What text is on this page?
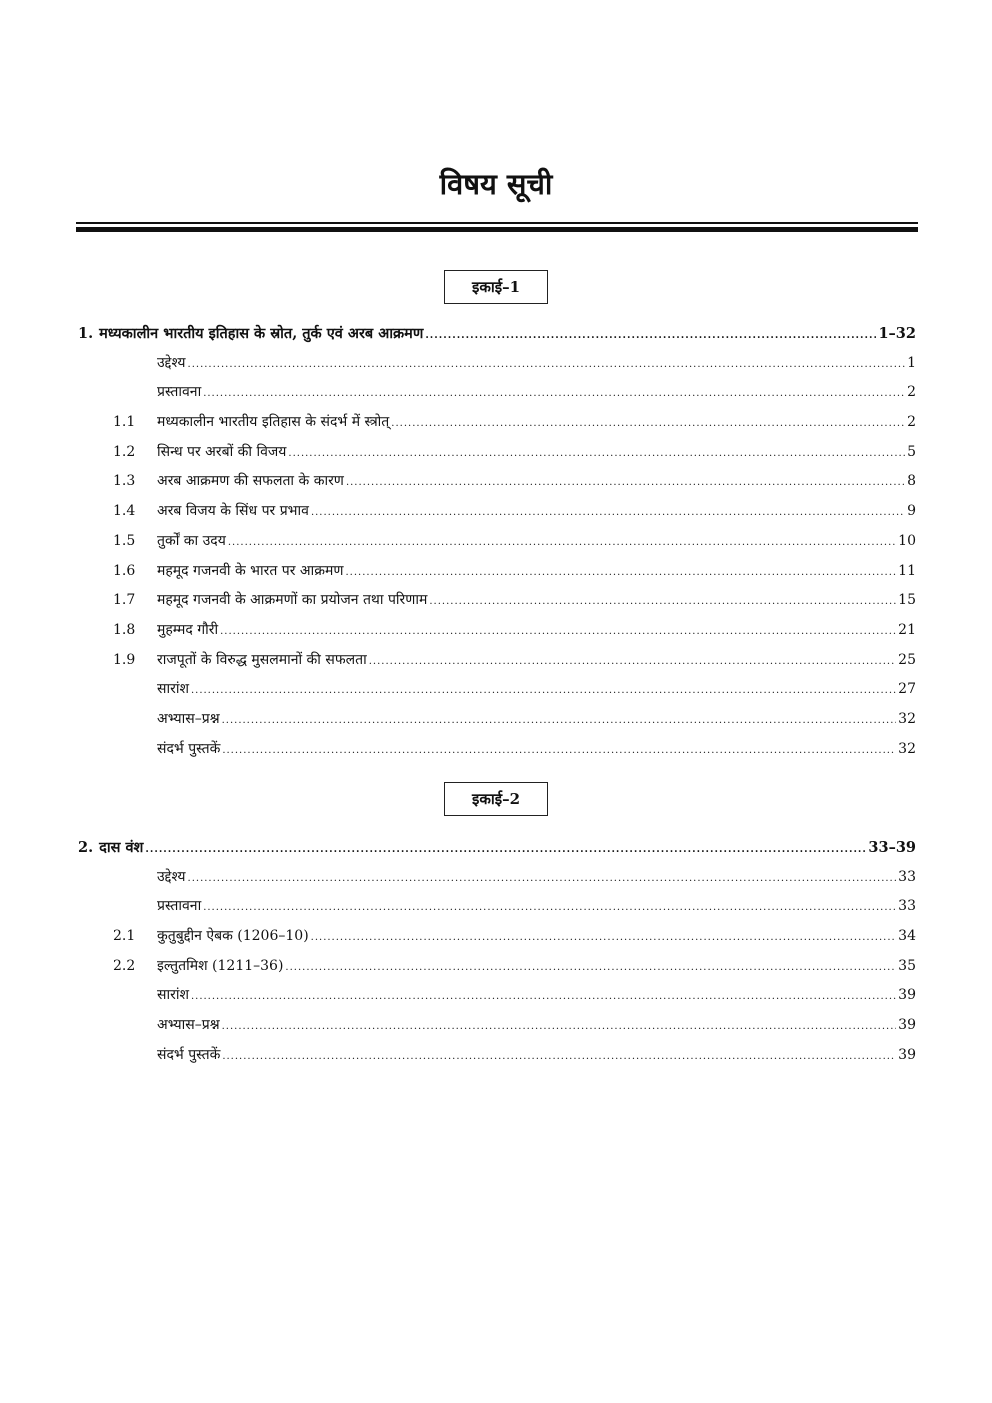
विषय सूची
इकाई–1
1. मध्यकालीन भारतीय इतिहास के स्रोत, तुर्क एवं अरब आक्रमण .....	1–32
उद्देश्य .....	1
प्रस्तावना .....	2
1.1	मध्यकालीन भारतीय इतिहास के संदर्भ में स्त्रोत् .....	2
1.2	सिन्ध पर अरबों की विजय .....	5
1.3	अरब आक्रमण की सफलता के कारण .....	8
1.4	अरब विजय के सिंध पर प्रभाव .....	9
1.5	तुर्कों का उदय .....	10
1.6	महमूद गजनवी के भारत पर आक्रमण .....	11
1.7	महमूद गजनवी के आक्रमणों का प्रयोजन तथा परिणाम .....	15
1.8	मुहम्मद गौरी .....	21
1.9	राजपूतों के विरुद्ध मुसलमानों की सफलता .....	25
सारांश .....	27
अभ्यास–प्रश्न .....	32
संदर्भ पुस्तकें .....	32
इकाई–2
2. दास वंश .....	33–39
उद्देश्य .....	33
प्रस्तावना .....	33
2.1	कुतुबुद्दीन ऐबक (1206–10) .....	34
2.2	इल्तुतमिश (1211–36) .....	35
सारांश .....	39
अभ्यास–प्रश्न .....	39
संदर्भ पुस्तकें .....	39
